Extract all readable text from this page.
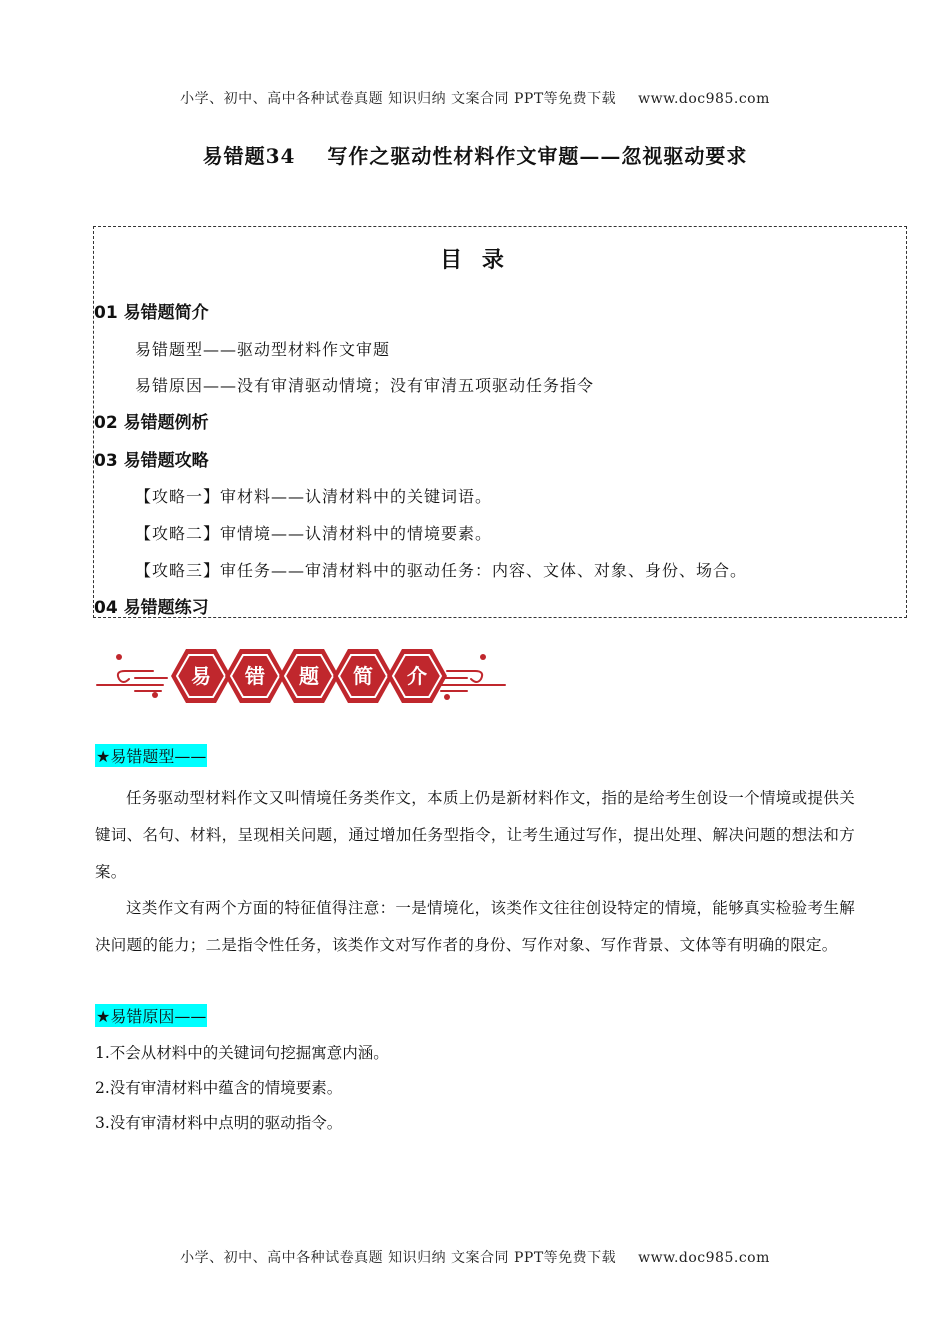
小学、初中、高中各种试卷真题 知识归纳 文案合同 PPT等免费下载 www.doc985.com
易错题34 写作之驱动性材料作文审题——忽视驱动要求
目 录
01 易错题简介
易错题型——驱动型材料作文审题
易错原因——没有审清驱动情境；没有审清五项驱动任务指令
02 易错题例析
03 易错题攻略
【攻略一】审材料——认清材料中的关键词语。
【攻略二】审情境——认清材料中的情境要素。
【攻略三】审任务——审清材料中的驱动任务：内容、文体、对象、身份、场合。
04 易错题练习
易 错 题 简 介
★易错题型——
任务驱动型材料作文又叫情境任务类作文，本质上仍是新材料作文，指的是给考生创设一个情境或提供关键词、名句、材料，呈现相关问题，通过增加任务型指令，让考生通过写作，提出处理、解决问题的想法和方案。
这类作文有两个方面的特征值得注意：一是情境化，该类作文往往创设特定的情境，能够真实检验考生解决问题的能力；二是指令性任务，该类作文对写作者的身份、写作对象、写作背景、文体等有明确的限定。
★易错原因——
1.不会从材料中的关键词句挖掘寓意内涵。
2.没有审清材料中蕴含的情境要素。
3.没有审清材料中点明的驱动指令。
小学、初中、高中各种试卷真题 知识归纳 文案合同 PPT等免费下载 www.doc985.com
